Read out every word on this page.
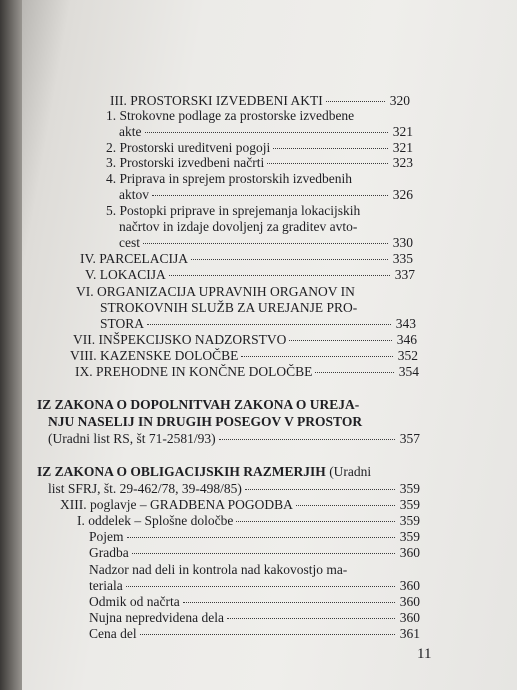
III. PROSTORSKI IZVEDBENI AKTI	320
1. Strokovne podlage za prostorske izvedbene
akte	321
2. Prostorski ureditveni pogoji	321
3. Prostorski izvedbeni načrti	323
4. Priprava in sprejem prostorskih izvedbenih
aktov	326
5. Postopki priprave in sprejemanja lokacijskih
načrtov in izdaje dovoljenj za graditev avto-
cest	330
IV. PARCELACIJA	335
V. LOKACIJA	337
VI. ORGANIZACIJA UPRAVNIH ORGANOV IN
STROKOVNIH SLUŽB ZA UREJANJE PRO-
STORA	343
VII. INŠPEKCIJSKO NADZORSTVO	346
VIII. KAZENSKE DOLOČBE	352
IX. PREHODNE IN KONČNE DOLOČBE	354
IZ ZAKONA O DOPOLNITVAH ZAKONA O UREJA-
NJU NASELIJ IN DRUGIH POSEGOV V PROSTOR
(Uradni list RS, št 71-2581/93)	357
IZ ZAKONA O OBLIGACIJSKIH RAZMERJIH (Uradni
list SFRJ, št. 29-462/78, 39-498/85)	359
XIII. poglavje – GRADBENA POGODBA	359
I. oddelek – Splošne določbe	359
Pojem	359
Gradba	360
Nadzor nad deli in kontrola nad kakovostjo ma-
teriala	360
Odmik od načrta	360
Nujna nepredvidena dela	360
Cena del	361
11
